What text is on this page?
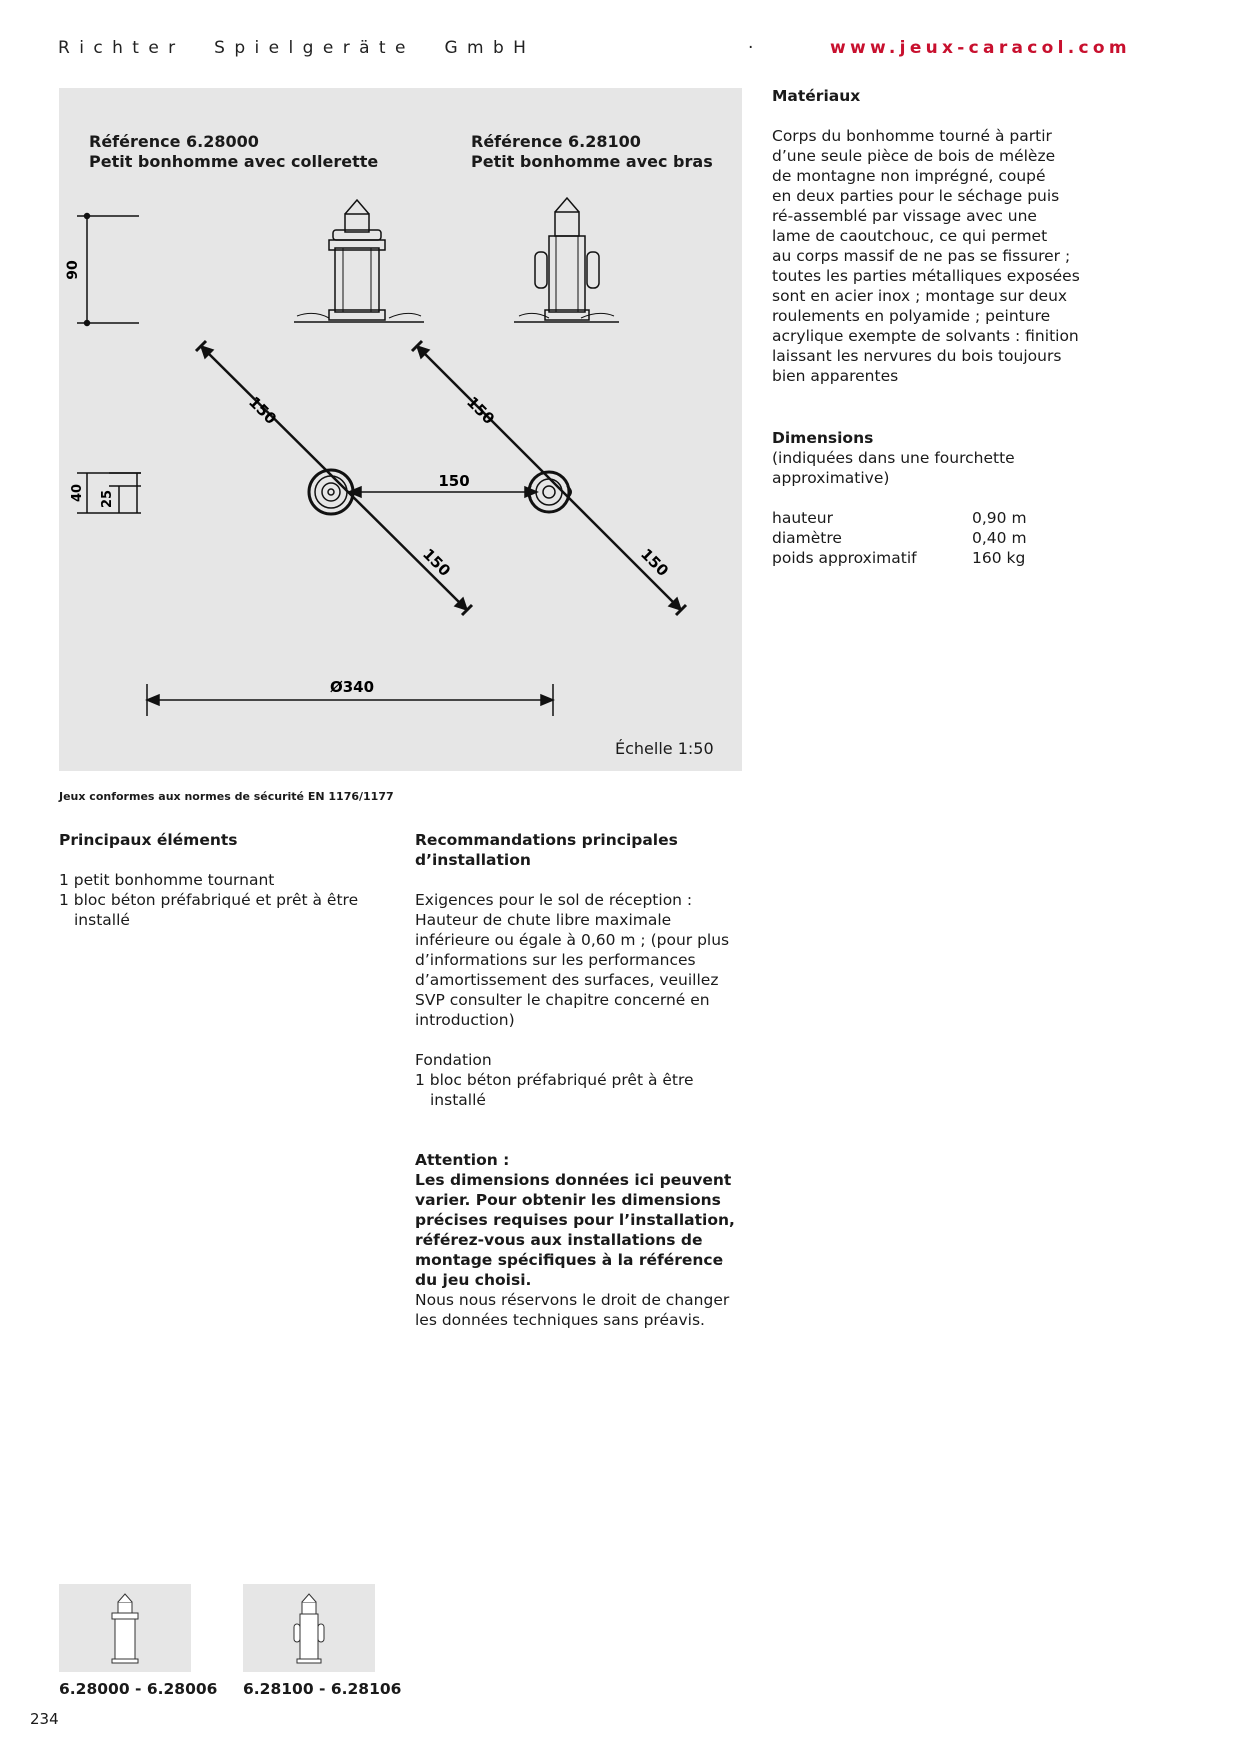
Richter  Spielgeräte  GmbH	·	www.jeux-caracol.com
Référence 6.28000
Petit bonhomme avec collerette
Référence 6.28100
Petit bonhomme avec bras
90
40 25
150
150
150
150
150
Ø340
Échelle 1:50
Jeux conformes aux normes de sécurité EN 1176/1177
Matériaux
Corps du bonhomme tourné à partir
d’une seule pièce de bois de mélèze
de montagne non imprégné, coupé
en deux parties pour le séchage puis
ré-assemblé par vissage avec une
lame de caoutchouc, ce qui permet
au corps massif de ne pas se fissurer ;
toutes les parties métalliques exposées
sont en acier inox ; montage sur deux
roulements en polyamide ; peinture
acrylique exempte de solvants : finition
laissant les nervures du bois toujours
bien apparentes
Dimensions
(indiquées dans une fourchette
approximative)
hauteur	0,90 m
diamètre	0,40 m
poids approximatif	160 kg
Principaux éléments
1 petit bonhomme tournant
1 bloc béton préfabriqué et prêt à être installé
Recommandations principales
d’installation
Exigences pour le sol de réception :
Hauteur de chute libre maximale
inférieure ou égale à 0,60 m ; (pour plus
d’informations sur les performances
d’amortissement des surfaces, veuillez
SVP consulter le chapitre concerné en
introduction)
Fondation
1 bloc béton préfabriqué prêt à être installé
Attention :
Les dimensions données ici peuvent
varier. Pour obtenir les dimensions
précises requises pour l’installation,
référez-vous aux installations de
montage spécifiques à la référence
du jeu choisi.
Nous nous réservons le droit de changer
les données techniques sans préavis.
6.28000 - 6.28006 6.28100 - 6.28106
234
